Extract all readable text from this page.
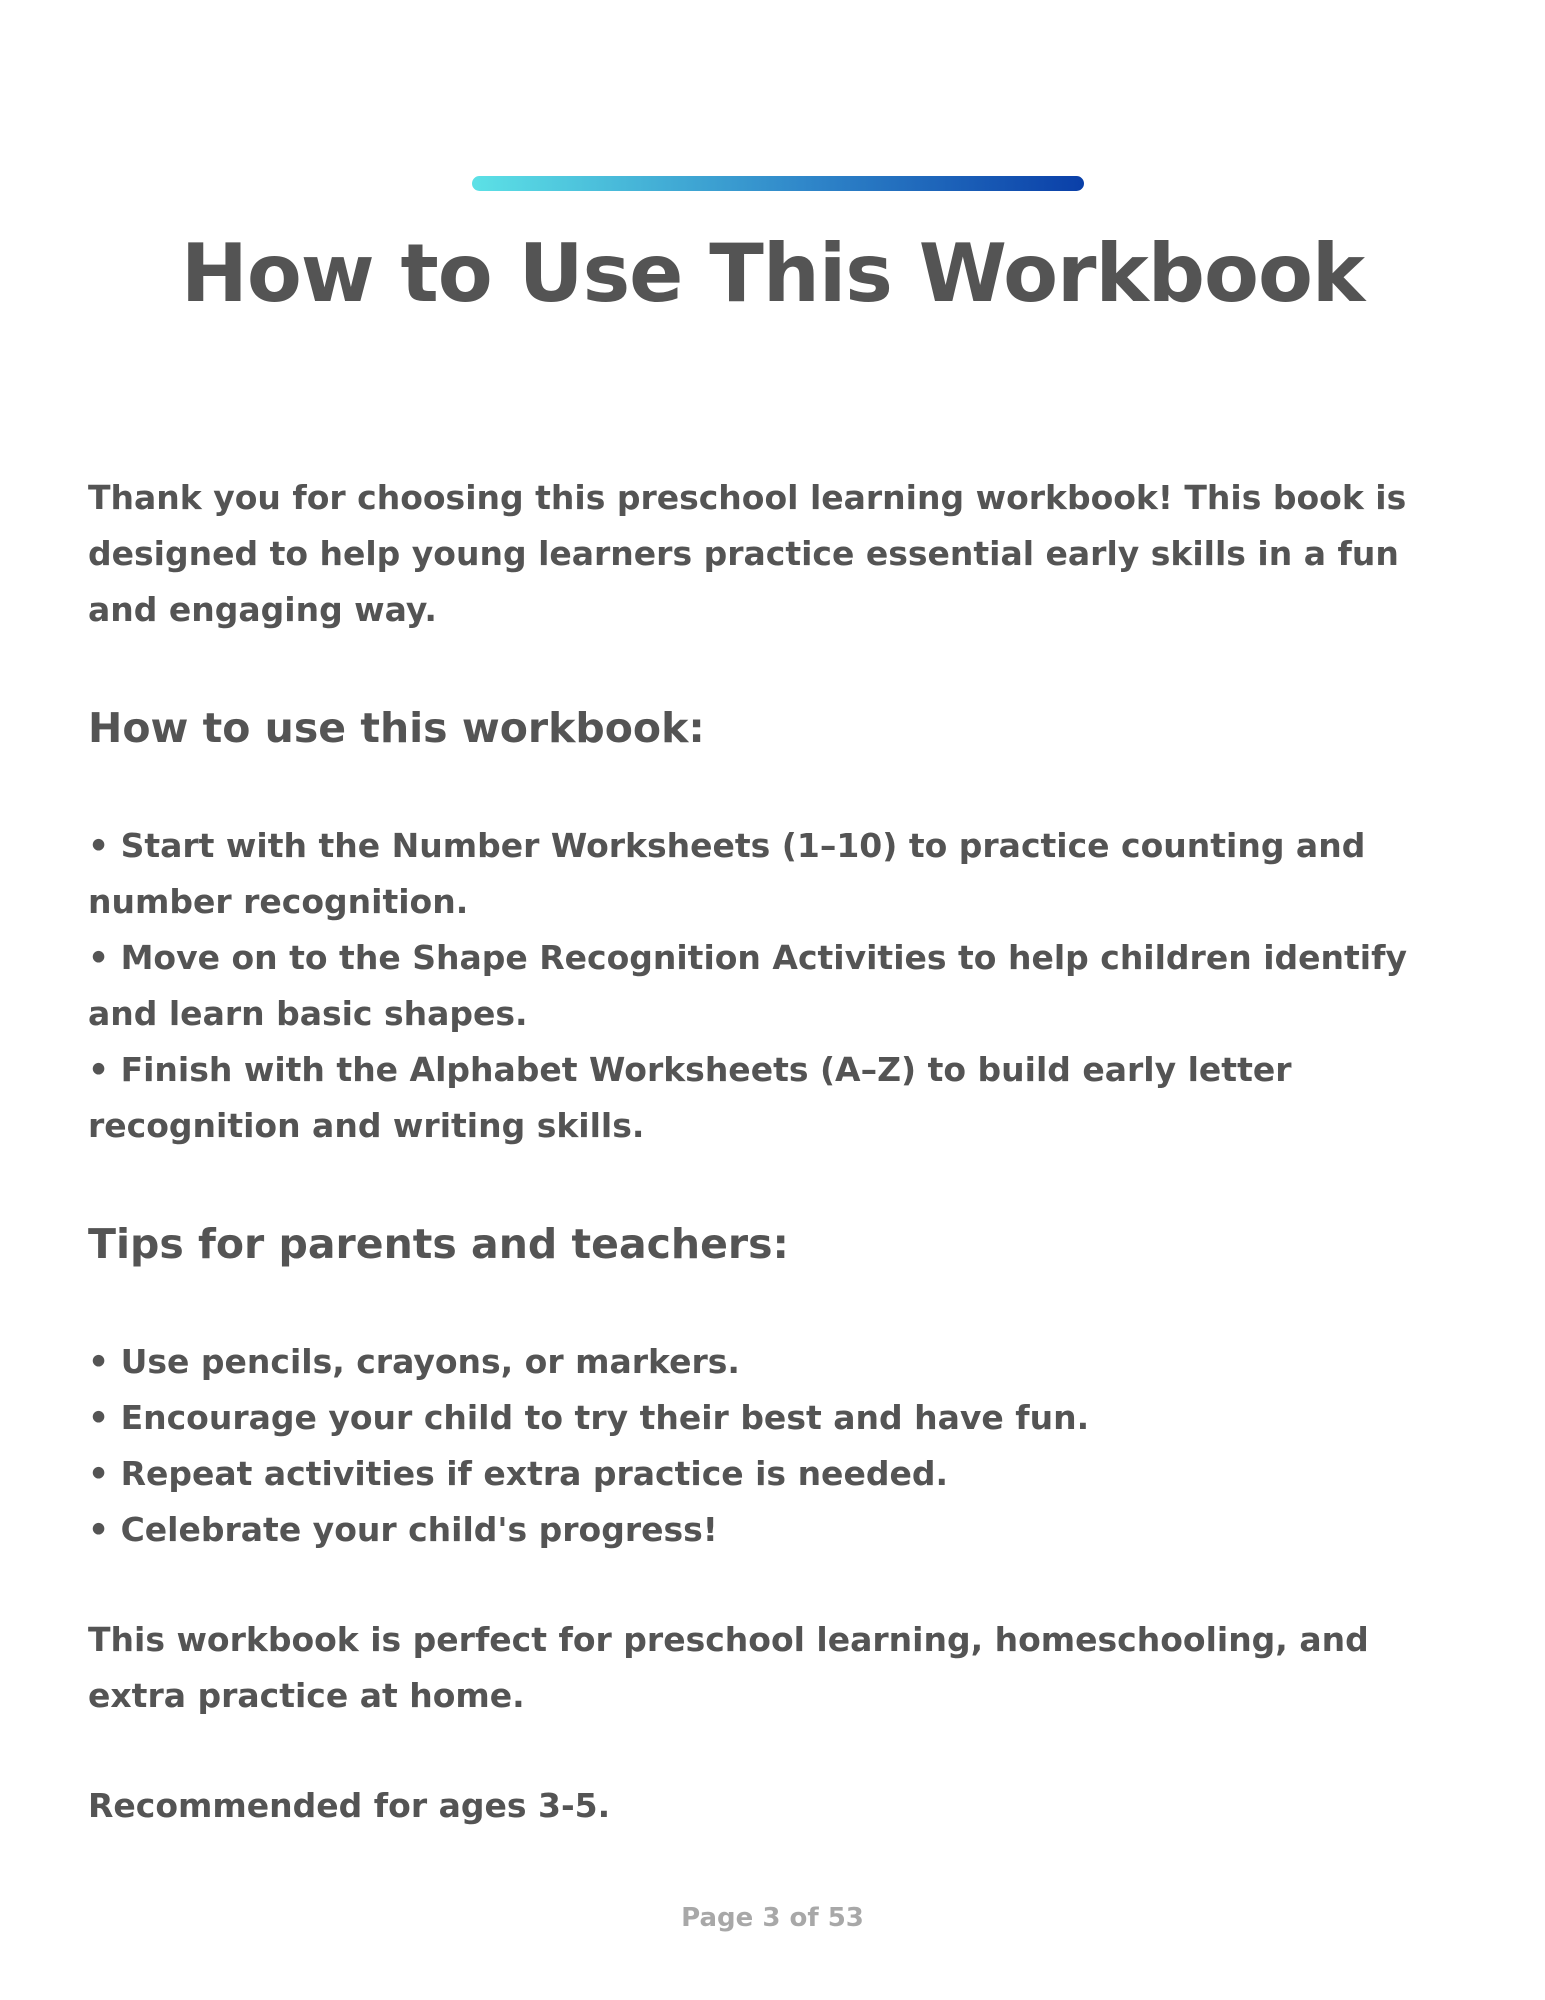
How to Use This Workbook

Thank you for choosing this preschool learning workbook! This book is designed to help young learners practice essential early skills in a fun and engaging way.

How to use this workbook:
• Start with the Number Worksheets (1–10) to practice counting and number recognition.
• Move on to the Shape Recognition Activities to help children identify and learn basic shapes.
• Finish with the Alphabet Worksheets (A–Z) to build early letter recognition and writing skills.
Tips for parents and teachers:
• Use pencils, crayons, or markers.
• Encourage your child to try their best and have fun.
• Repeat activities if extra practice is needed.
• Celebrate your child's progress!

This workbook is perfect for preschool learning, homeschooling, and extra practice at home.

Recommended for ages 3-5.

Page 3 of 53
